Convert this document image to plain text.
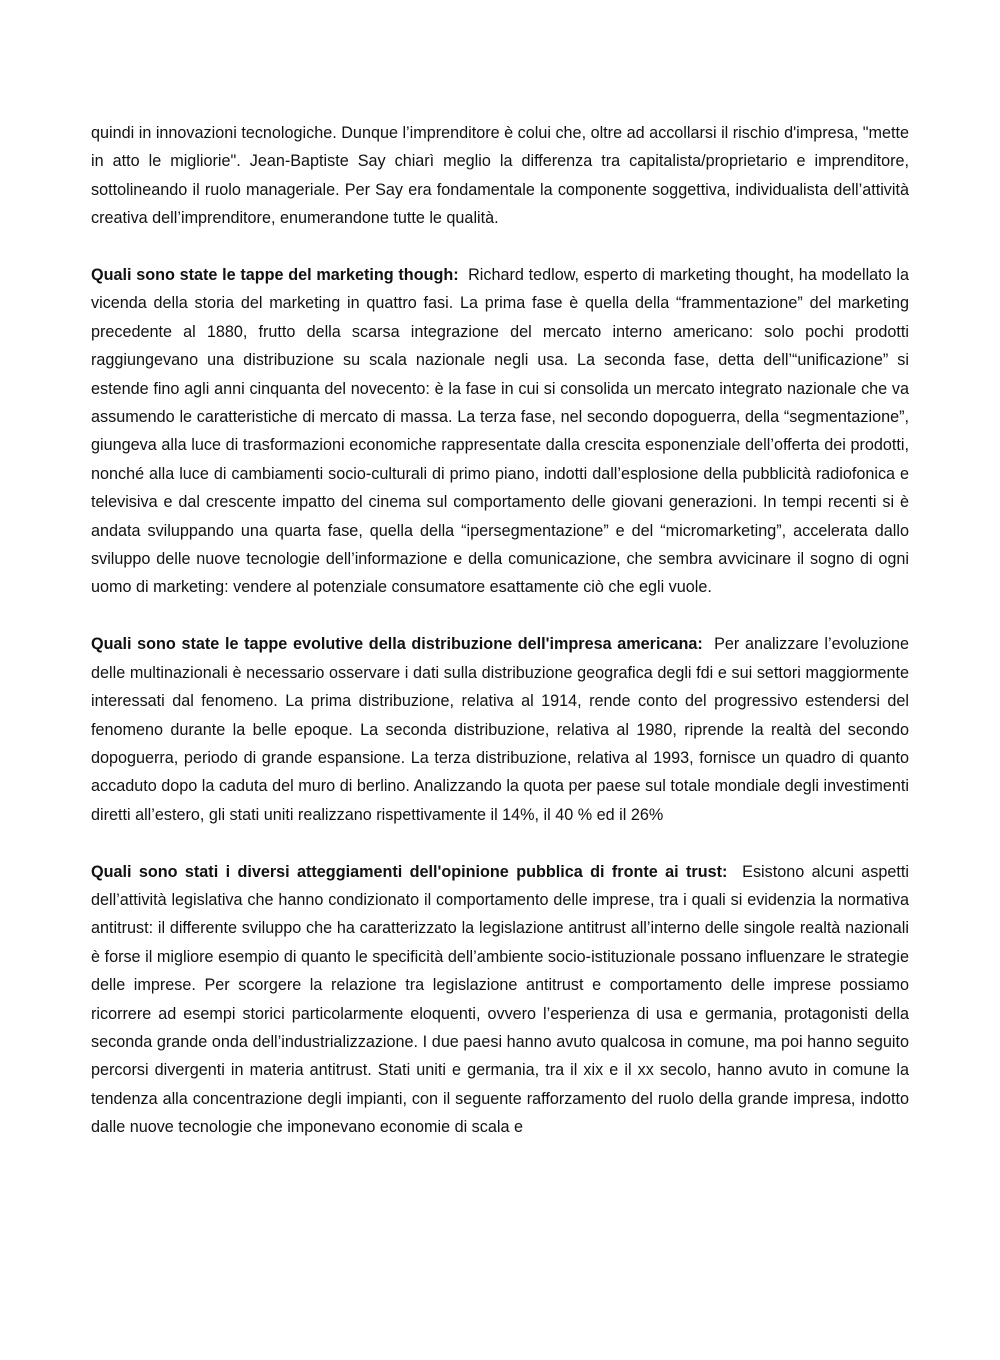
quindi in innovazioni tecnologiche. Dunque l’imprenditore è colui che, oltre ad accollarsi il rischio d'impresa, "mette in atto le migliorie". Jean-Baptiste Say chiarì meglio la differenza tra capitalista/proprietario e imprenditore, sottolineando il ruolo manageriale. Per Say era fondamentale la componente soggettiva, individualista dell’attività creativa dell’imprenditore, enumerandone tutte le qualità.

Quali sono state le tappe del marketing though: Richard tedlow, esperto di marketing thought, ha modellato la vicenda della storia del marketing in quattro fasi. La prima fase è quella della “frammentazione” del marketing precedente al 1880, frutto della scarsa integrazione del mercato interno americano: solo pochi prodotti raggiungevano una distribuzione su scala nazionale negli usa. La seconda fase, detta dell’“unificazione” si estende fino agli anni cinquanta del novecento: è la fase in cui si consolida un mercato integrato nazionale che va assumendo le caratteristiche di mercato di massa. La terza fase, nel secondo dopoguerra, della “segmentazione”, giungeva alla luce di trasformazioni economiche rappresentate dalla crescita esponenziale dell’offerta dei prodotti, nonché alla luce di cambiamenti socio-culturali di primo piano, indotti dall’esplosione della pubblicità radiofonica e televisiva e dal crescente impatto del cinema sul comportamento delle giovani generazioni. In tempi recenti si è andata sviluppando una quarta fase, quella della “ipersegmentazione” e del “micromarketing”, accelerata dallo sviluppo delle nuove tecnologie dell’informazione e della comunicazione, che sembra avvicinare il sogno di ogni uomo di marketing: vendere al potenziale consumatore esattamente ciò che egli vuole.

Quali sono state le tappe evolutive della distribuzione dell'impresa americana: Per analizzare l’evoluzione delle multinazionali è necessario osservare i dati sulla distribuzione geografica degli fdi e sui settori maggiormente interessati dal fenomeno. La prima distribuzione, relativa al 1914, rende conto del progressivo estendersi del fenomeno durante la belle epoque. La seconda distribuzione, relativa al 1980, riprende la realtà del secondo dopoguerra, periodo di grande espansione. La terza distribuzione, relativa al 1993, fornisce un quadro di quanto accaduto dopo la caduta del muro di berlino. Analizzando la quota per paese sul totale mondiale degli investimenti diretti all’estero, gli stati uniti realizzano rispettivamente il 14%, il 40 % ed il 26%

Quali sono stati i diversi atteggiamenti dell'opinione pubblica di fronte ai trust: Esistono alcuni aspetti dell’attività legislativa che hanno condizionato il comportamento delle imprese, tra i quali si evidenzia la normativa antitrust: il differente sviluppo che ha caratterizzato la legislazione antitrust all’interno delle singole realtà nazionali è forse il migliore esempio di quanto le specificità dell’ambiente socio-istituzionale possano influenzare le strategie delle imprese. Per scorgere la relazione tra legislazione antitrust e comportamento delle imprese possiamo ricorrere ad esempi storici particolarmente eloquenti, ovvero l’esperienza di usa e germania, protagonisti della seconda grande onda dell’industrializzazione. I due paesi hanno avuto qualcosa in comune, ma poi hanno seguito percorsi divergenti in materia antitrust. Stati uniti e germania, tra il xix e il xx secolo, hanno avuto in comune la tendenza alla concentrazione degli impianti, con il seguente rafforzamento del ruolo della grande impresa, indotto dalle nuove tecnologie che imponevano economie di scala e
